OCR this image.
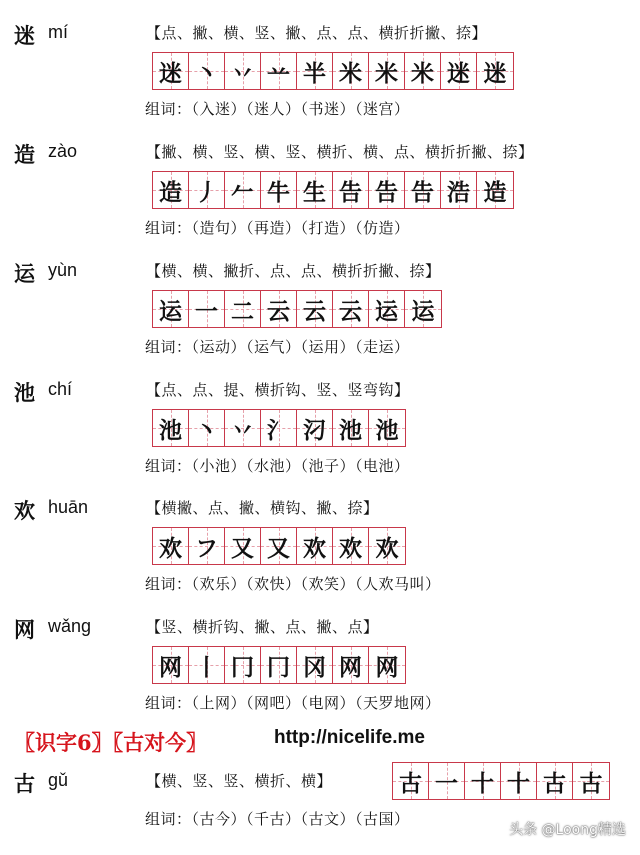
迷 mí	【点、撇、横、竖、撇、点、点、横折折撇、捺】
迷 丶 丷 䒑 半 米 米 米 迷 迷
组词：（入迷）（迷人）（书迷）（迷宫）
造 zào	【撇、横、竖、横、竖、横折、横、点、横折折撇、捺】
造 丿 𠂉 牛 生 告 告 告 浩 造
组词：（造句）（再造）（打造）（仿造）
运 yùn	【横、横、撇折、点、点、横折折撇、捺】
运 一 二 云 云 云 运 运
组词：（运动）（运气）（运用）（走运）
池 chí	【点、点、提、横折钩、竖、竖弯钩】
池 丶 丷 氵 汈 池 池
组词：（小池）（水池）（池子）（电池）
欢 huān	【横撇、点、撇、横钩、撇、捺】
欢 フ 又 又 欢 欢 欢
组词：（欢乐）（欢快）（欢笑）（人欢马叫）
网 wǎng	【竖、横折钩、撇、点、撇、点】
网 丨 冂 冂 冈 网 网
组词：（上网）（网吧）（电网）（天罗地网）
〖识字6〗〖古对今〗	http://nicelife.me
古 gǔ	【横、竖、竖、横折、横】	古 一 十 十 古 古
组词：（古今）（千古）（古文）（古国）
头条 @Loong精选
